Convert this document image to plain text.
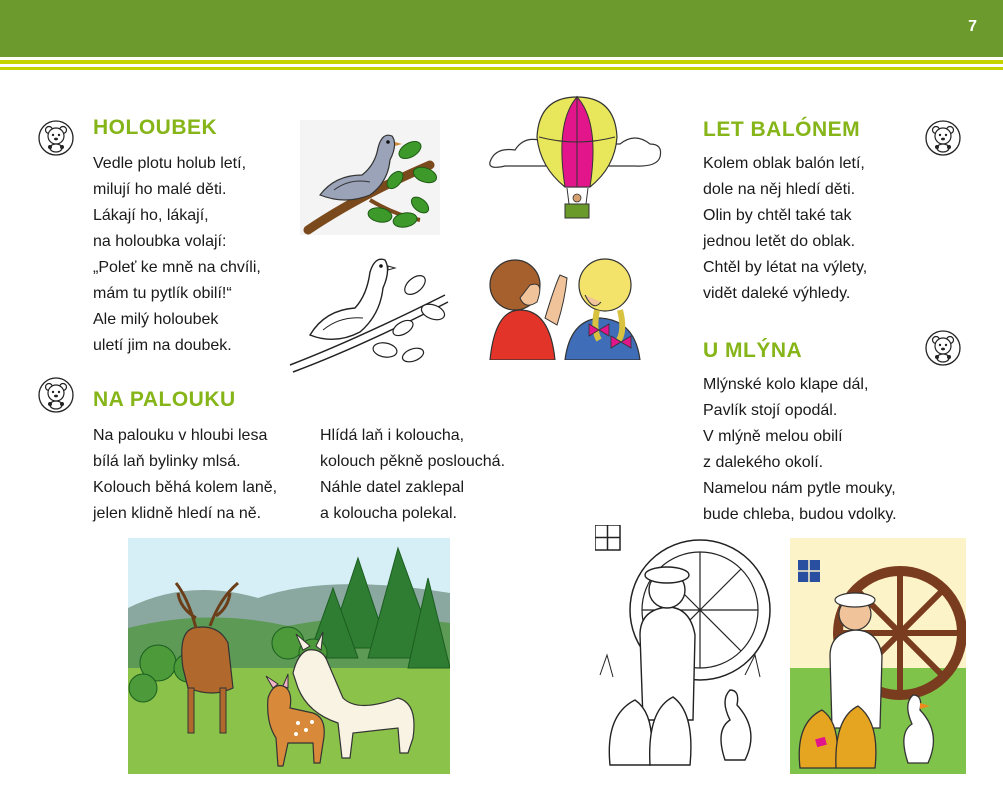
7
HOLOUBEK
Vedle plotu holub letí,
milují ho malé děti.
Lákají ho, lákají,
na holoubka volají:
„Poleť ke mně na chvíli,
mám tu pytlík obilí!“
Ale milý holoubek
uletí jim na doubek.
NA PALOUKU
Na palouku v hloubi lesa
bílá laň bylinky mlsá.
Kolouch běhá kolem laně,
jelen klidně hledí na ně.
Hlídá laň i koloucha,
kolouch pěkně poslouchá.
Náhle datel zaklepal
a koloucha polekal.
LET BALÓNEM
Kolem oblak balón letí,
dole na něj hledí děti.
Olin by chtěl také tak
jednou letět do oblak.
Chtěl by létat na výlety,
vidět daleké výhledy.
U MLÝNA
Mlýnské kolo klape dál,
Pavlík stojí opodál.
V mlýně melou obilí
z dalekého okolí.
Namelou nám pytle mouky,
bude chleba, budou vdolky.
